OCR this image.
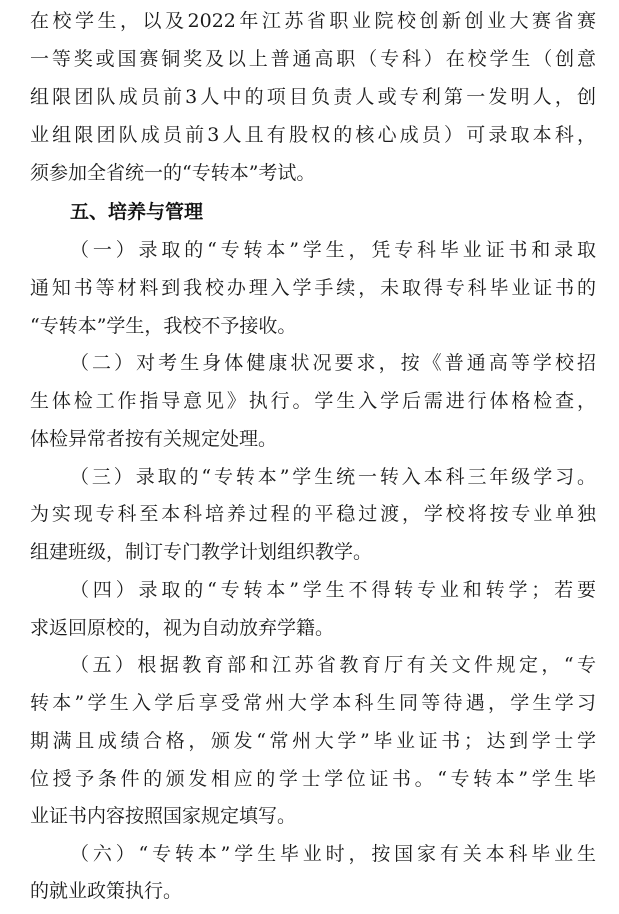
在校学生，以及2022年江苏省职业院校创新创业大赛省赛
一等奖或国赛铜奖及以上普通高职（专科）在校学生（创意
组限团队成员前3人中的项目负责人或专利第一发明人，创
业组限团队成员前3人且有股权的核心成员）可录取本科，
须参加全省统一的“专转本”考试。
五、培养与管理
（一）录取的“专转本”学生，凭专科毕业证书和录取
通知书等材料到我校办理入学手续，未取得专科毕业证书的
“专转本”学生，我校不予接收。
（二）对考生身体健康状况要求，按《普通高等学校招
生体检工作指导意见》执行。学生入学后需进行体格检查，
体检异常者按有关规定处理。
（三）录取的“专转本”学生统一转入本科三年级学习。
为实现专科至本科培养过程的平稳过渡，学校将按专业单独
组建班级，制订专门教学计划组织教学。
（四）录取的“专转本”学生不得转专业和转学；若要
求返回原校的，视为自动放弃学籍。
（五）根据教育部和江苏省教育厅有关文件规定，“专
转本”学生入学后享受常州大学本科生同等待遇，学生学习
期满且成绩合格，颁发“常州大学”毕业证书；达到学士学
位授予条件的颁发相应的学士学位证书。“专转本”学生毕
业证书内容按照国家规定填写。
（六）“专转本”学生毕业时，按国家有关本科毕业生
的就业政策执行。
